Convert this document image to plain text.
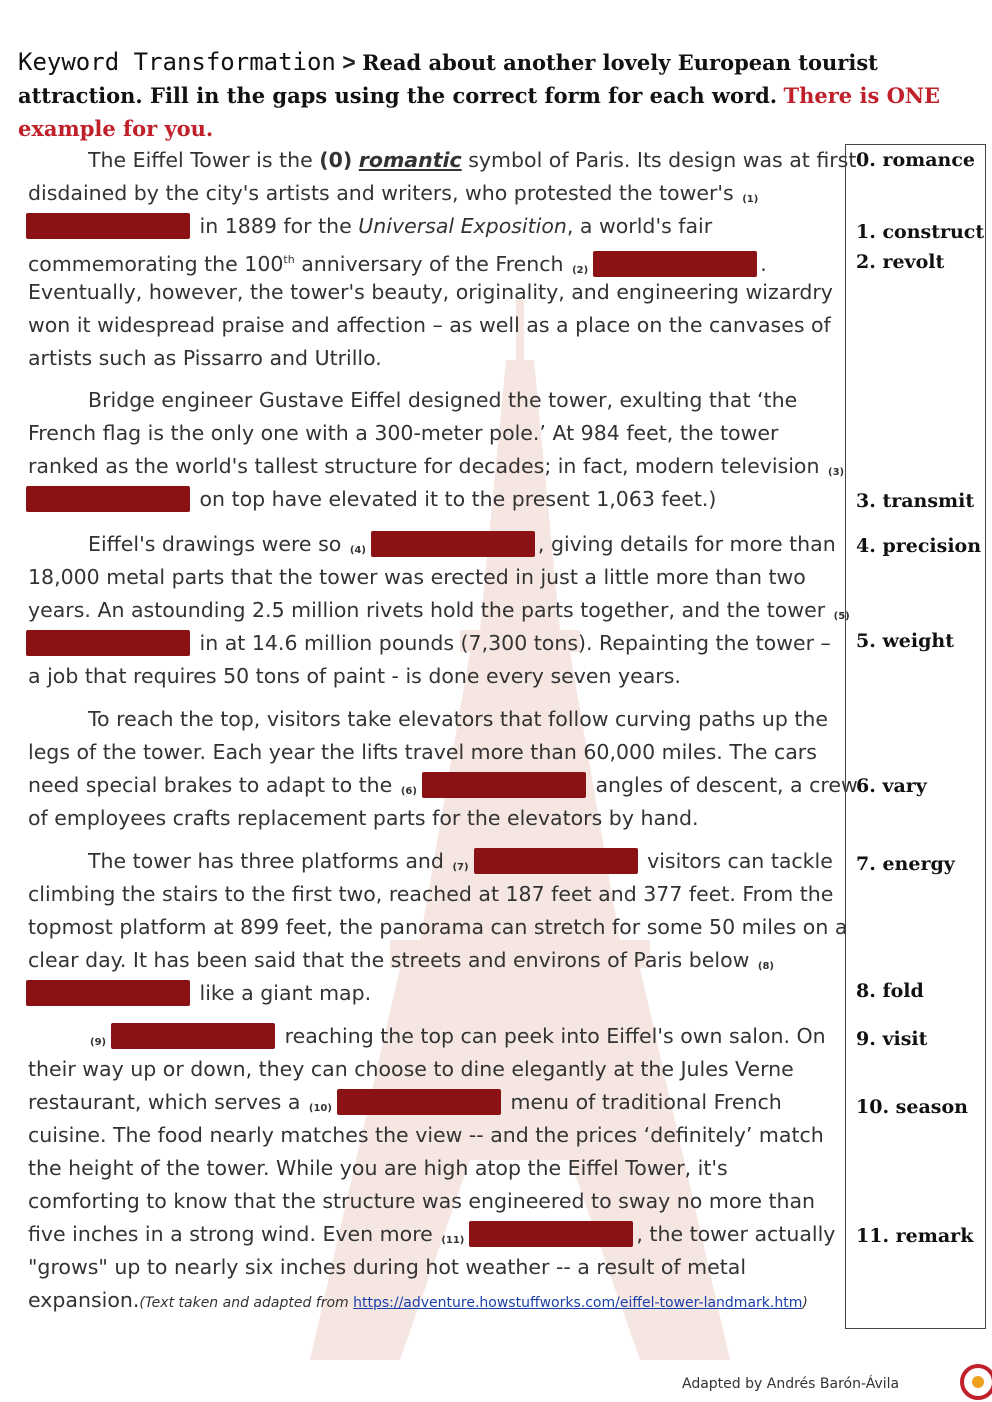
Keyword Transformation > Read about another lovely European tourist attraction. Fill in the gaps using the correct form for each word. There is ONE example for you.
The Eiffel Tower is the (0) romantic symbol of Paris. Its design was at first
disdained by the city's artists and writers, who protested the tower's (1)
in 1889 for the Universal Exposition, a world's fair
commemorating the 100th anniversary of the French (2)	.
Eventually, however, the tower's beauty, originality, and engineering wizardry
won it widespread praise and affection – as well as a place on the canvases of
artists such as Pissarro and Utrillo.
Bridge engineer Gustave Eiffel designed the tower, exulting that ‘the
French flag is the only one with a 300-meter pole.’ At 984 feet, the tower
ranked as the world's tallest structure for decades; in fact, modern television (3)
on top have elevated it to the present 1,063 feet.)
Eiffel's drawings were so (4)	, giving details for more than
18,000 metal parts that the tower was erected in just a little more than two
years. An astounding 2.5 million rivets hold the parts together, and the tower (5)
in at 14.6 million pounds (7,300 tons). Repainting the tower –
a job that requires 50 tons of paint - is done every seven years.
To reach the top, visitors take elevators that follow curving paths up the
legs of the tower. Each year the lifts travel more than 60,000 miles. The cars
need special brakes to adapt to the (6)	angles of descent, a crew
of employees crafts replacement parts for the elevators by hand.
The tower has three platforms and (7)	visitors can tackle
climbing the stairs to the first two, reached at 187 feet and 377 feet. From the
topmost platform at 899 feet, the panorama can stretch for some 50 miles on a
clear day. It has been said that the streets and environs of Paris below (8)
like a giant map.
(9)	reaching the top can peek into Eiffel's own salon. On
their way up or down, they can choose to dine elegantly at the Jules Verne
restaurant, which serves a (10)	menu of traditional French
cuisine. The food nearly matches the view -- and the prices ‘definitely’ match
the height of the tower. While you are high atop the Eiffel Tower, it's
comforting to know that the structure was engineered to sway no more than
five inches in a strong wind. Even more (11)	, the tower actually
"grows" up to nearly six inches during hot weather -- a result of metal
expansion.(Text taken and adapted from https://adventure.howstuffworks.com/eiffel-tower-landmark.htm)
0. romance
1. construct
2. revolt
3. transmit
4. precision
5. weight
6. vary
7. energy
8. fold
9. visit
10. season
11. remark
Adapted by Andrés Barón-Ávila
